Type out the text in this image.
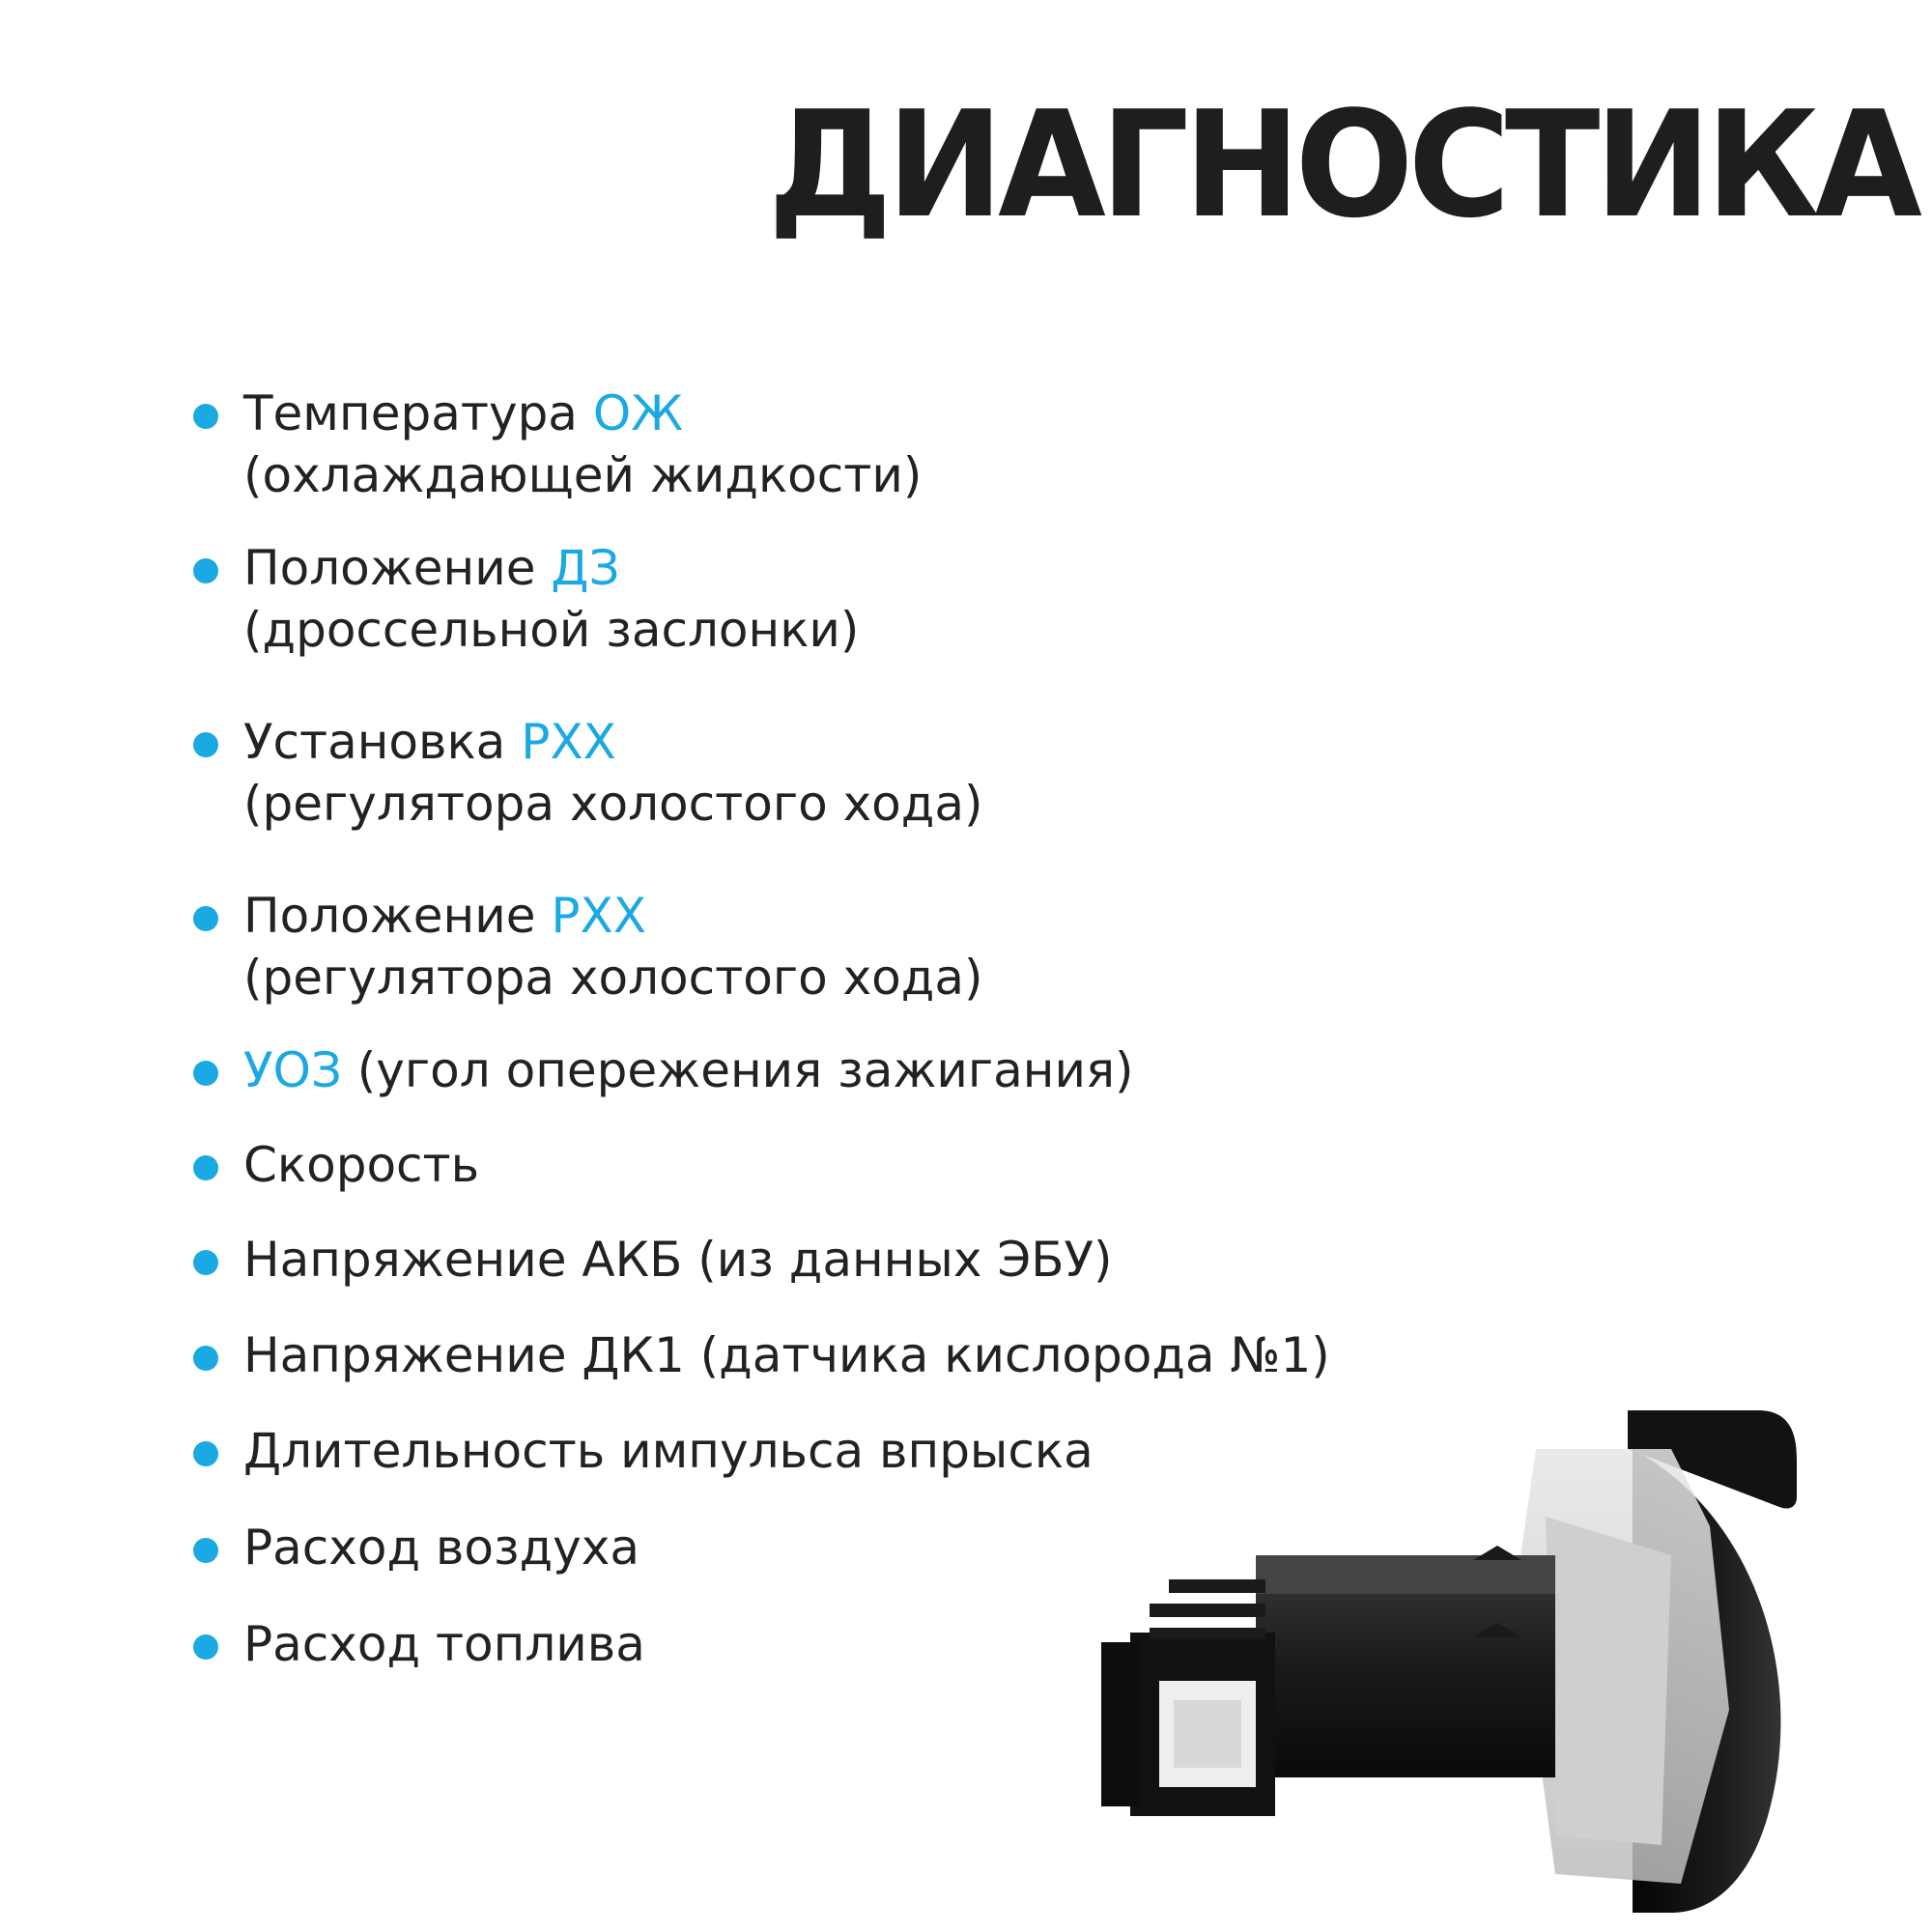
ДИАГНОСТИКА
Температура ОЖ
(охлаждающей жидкости)
Положение ДЗ
(дроссельной заслонки)
Установка РХХ
(регулятора холостого хода)
Положение РХХ
(регулятора холостого хода)
УОЗ (угол опережения зажигания)
Скорость
Напряжение АКБ (из данных ЭБУ)
Напряжение ДК1 (датчика кислорода №1)
Длительность импульса впрыска
Расход воздуха
Расход топлива
